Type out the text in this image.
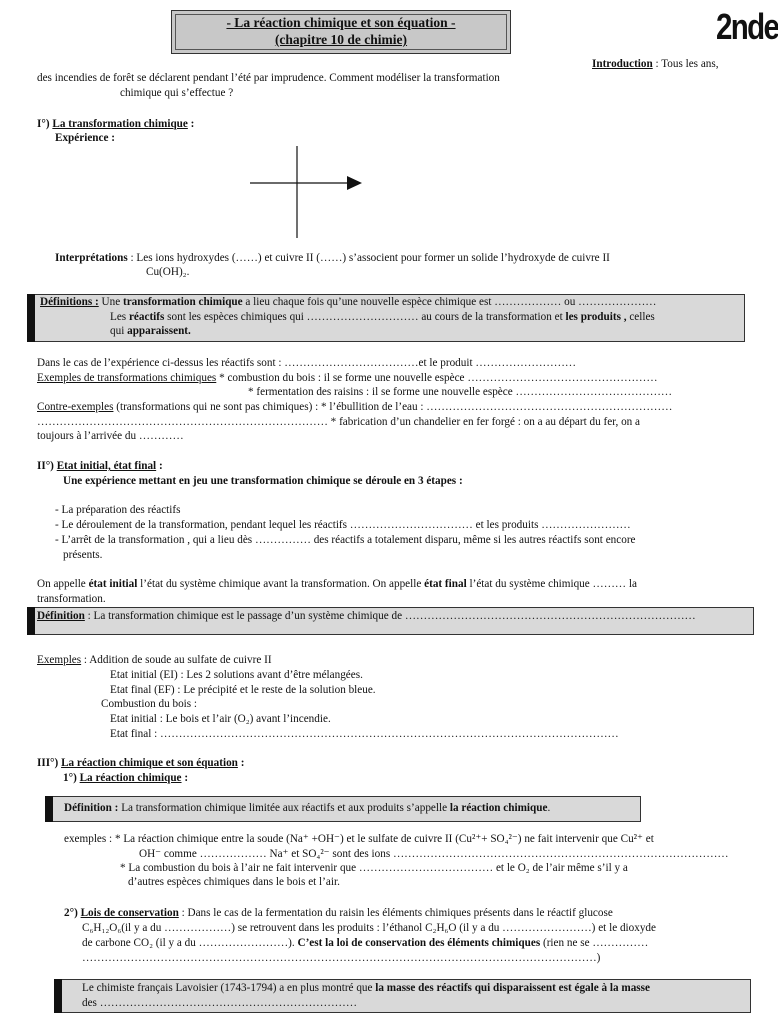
- La réaction chimique et son équation -
(chapitre 10 de chimie)	2nde
Introduction : Tous les ans,
des incendies de forêt se déclarent pendant l’été par imprudence. Comment modéliser la transformation
chimique qui s’effectue ?
I°) La transformation chimique :
Expérience :
Interprétations : Les ions hydroxydes (……) et cuivre II (……) s’associent pour former un solide l’hydroxyde de cuivre II
Cu(OH)₂.
Définitions : Une transformation chimique a lieu chaque fois qu’une nouvelle espèce chimique est ……………… ou …………………
Les réactifs sont les espèces chimiques qui ………………………… au cours de la transformation et les produits , celles
qui apparaissent.
Dans le cas de l’expérience ci-dessus les réactifs sont : ………………………………et le produit ………………………
Exemples de transformations chimiques * combustion du bois : il se forme une nouvelle espèce ……………………………………………
* fermentation des raisins : il se forme une nouvelle espèce ……………………………………
Contre-exemples (transformations qui ne sont pas chimiques) : * l’ébullition de l’eau : …………………………………………………………
…………………………………………………………………… * fabrication d’un chandelier en fer forgé : on a au départ du fer, on a
toujours à l’arrivée du …………
II°) Etat initial, état final :
Une expérience mettant en jeu une transformation chimique se déroule en 3 étapes :
- La préparation des réactifs
- Le déroulement de la transformation, pendant lequel les réactifs …………………………… et les produits ……………………
- L’arrêt de la transformation , qui a lieu dès …………… des réactifs a totalement disparu, même si les autres réactifs sont encore
présents.
On appelle état initial l’état du système chimique avant la transformation. On appelle état final l’état du système chimique ……… la
transformation.
Définition : La transformation chimique est le passage d’un système chimique de ……………………………………………………………………
Exemples : Addition de soude au sulfate de cuivre II
Etat initial (EI) : Les 2 solutions avant d’être mélangées.
Etat final (EF) : Le précipité et le reste de la solution bleue.
Combustion du bois :
Etat initial : Le bois et l’air (O₂) avant l’incendie.
Etat final : ……………………………………………………………………………………………………………
III°) La réaction chimique et son équation :
1°) La réaction chimique :
Définition : La transformation chimique limitée aux réactifs et aux produits s’appelle la réaction chimique.
exemples : * La réaction chimique entre la soude (Na⁺ +OH⁻) et le sulfate de cuivre II (Cu²⁺+ SO₄²⁻) ne fait intervenir que Cu²⁺ et
OH⁻ comme ……………… Na⁺ et SO₄²⁻ sont des ions ………………………………………………………………………………
* La combustion du bois à l’air ne fait intervenir que ……………………………… et le O₂ de l’air même s’il y a
d’autres espèces chimiques dans le bois et l’air.
2°) Lois de conservation : Dans le cas de la fermentation du raisin les éléments chimiques présents dans le réactif glucose
C₆H₁₂O₆(il y a du ………………) se retrouvent dans les produits : l’éthanol C₂H₆O (il y a du ……………………) et le dioxyde
de carbone CO₂ (il y a du ……………………). C’est la loi de conservation des éléments chimiques (rien ne se ……………
…………………………………………………………………………………………………………………………)
Le chimiste français Lavoisier (1743-1794) a en plus montré que la masse des réactifs qui disparaissent est égale à la masse
des ……………………………………………………………
